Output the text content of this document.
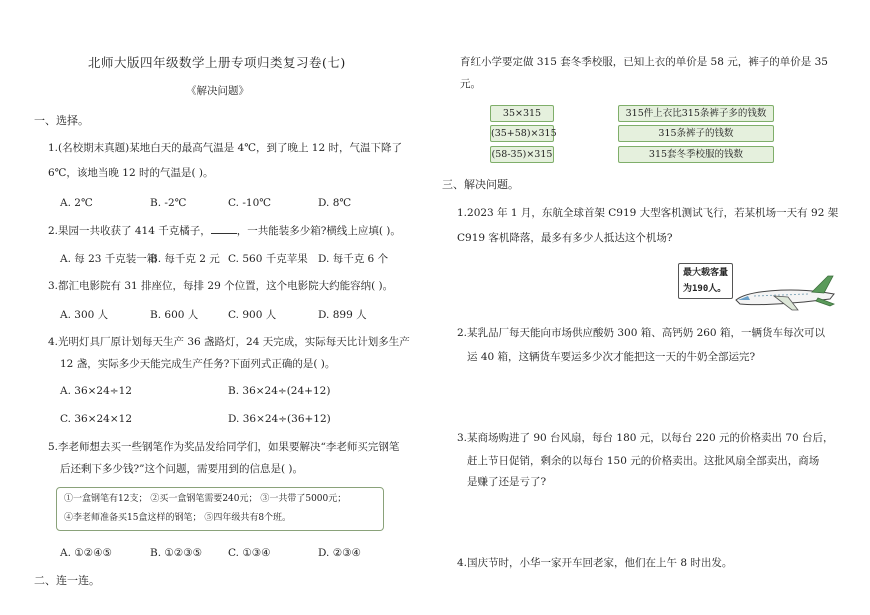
北师大版四年级数学上册专项归类复习卷(七)
《解决问题》
一、选择。
1.(名校期末真题)某地白天的最高气温是 4℃，到了晚上 12 时，气温下降了
6℃，该地当晚 12 时的气温是( )。
A. 2℃	B. -2℃	C. -10℃	D. 8℃
2.果园一共收获了 414 千克橘子， ，一共能装多少箱?横线上应填( )。
A. 每 23 千克装一箱
B. 每千克 2 元 C. 560 千克苹果 D. 每千克 6 个
3.都汇电影院有 31 排座位，每排 29 个位置，这个电影院大约能容纳( )。
A. 300 人	B. 600 人	C. 900 人	D. 899 人
4.光明灯具厂原计划每天生产 36 盏路灯，24 天完成，实际每天比计划多生产
12 盏，实际多少天能完成生产任务?下面列式正确的是( )。
A. 36×24÷12	B. 36×24÷(24+12)
C. 36×24×12	D. 36×24÷(36+12)
5.李老师想去买一些钢笔作为奖品发给同学们，如果要解决“李老师买完钢笔
后还剩下多少钱?”这个问题，需要用到的信息是( )。
①一盒钢笔有12支； ②买一盒钢笔需要240元； ③一共带了5000元；
④李老师准备买15盒这样的钢笔； ⑤四年级共有8个班。
A. ①②④⑤	B. ①②③⑤ C. ①③④	D. ②③④
二、连一连。
育红小学要定做 315 套冬季校服，已知上衣的单价是 58 元，裤子的单价是 35
元。
35×315
(35+58)×315
(58-35)×315
315件上衣比315条裤子多的钱数
315条裤子的钱数
315套冬季校服的钱数
三、解决问题。
1.2023 年 1 月，东航全球首架 C919 大型客机测试飞行，若某机场一天有 92 架
C919 客机降落，最多有多少人抵达这个机场?
最大载客量
为190人。
2.某乳品厂每天能向市场供应酸奶 300 箱、高钙奶 260 箱，一辆货车每次可以
运 40 箱，这辆货车要运多少次才能把这一天的牛奶全部运完?
3.某商场购进了 90 台风扇，每台 180 元，以每台 220 元的价格卖出 70 台后，
赶上节日促销，剩余的以每台 150 元的价格卖出。这批风扇全部卖出，商场
是赚了还是亏了?
4.国庆节时，小华一家开车回老家，他们在上午 8 时出发。
